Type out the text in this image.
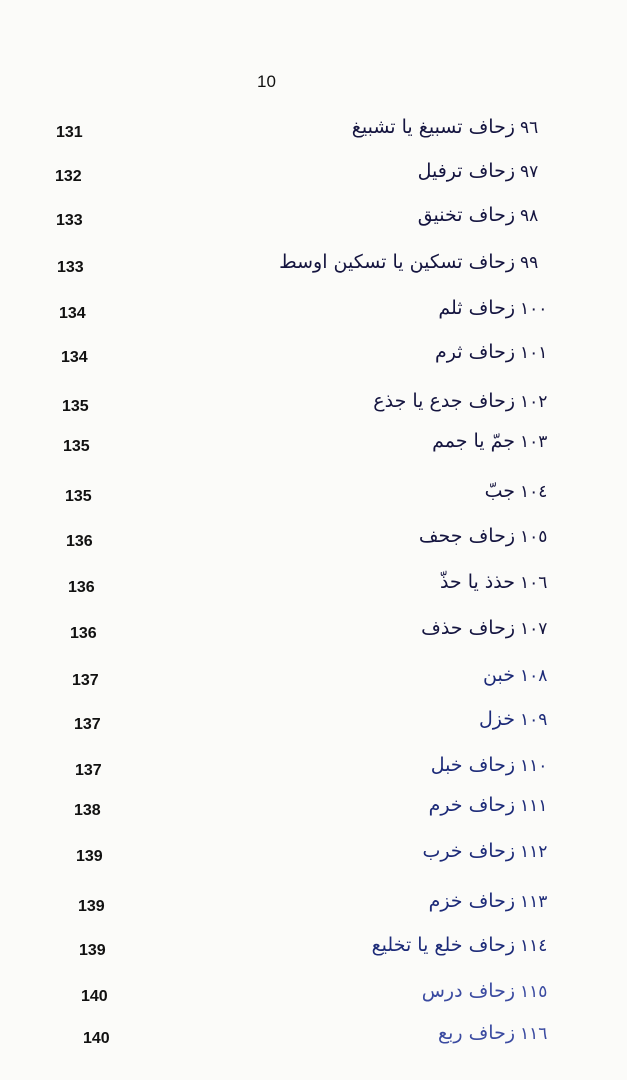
10
131	زحاف تسبیغ یا تشبیغ ٩٦
132	زحاف ترفیل ٩٧
133	زحاف تخنیق ٩٨
133	زحاف تسکین یا تسکین اوسط ٩٩
134	زحاف ثلم ١٠٠
134	زحاف ثرم ١٠١
135	زحاف جدع یا جذع ١٠٢
135	جمّ یا جمم ١٠٣
135	جبّ ١٠٤
136	زحاف جحف ١٠٥
136	حذذ یا حذّ ١٠٦
136	زحاف حذف ١٠٧
137	خبن ١٠٨
137	خزل ١٠٩
137	زحاف خبل ١١٠
138	زحاف خرم ١١١
139	زحاف خرب ١١٢
139	زحاف خزم ١١٣
139	زحاف خلع یا تخلیع ١١٤
140	زحاف درس ١١٥
140	زحاف ربع ١١٦
